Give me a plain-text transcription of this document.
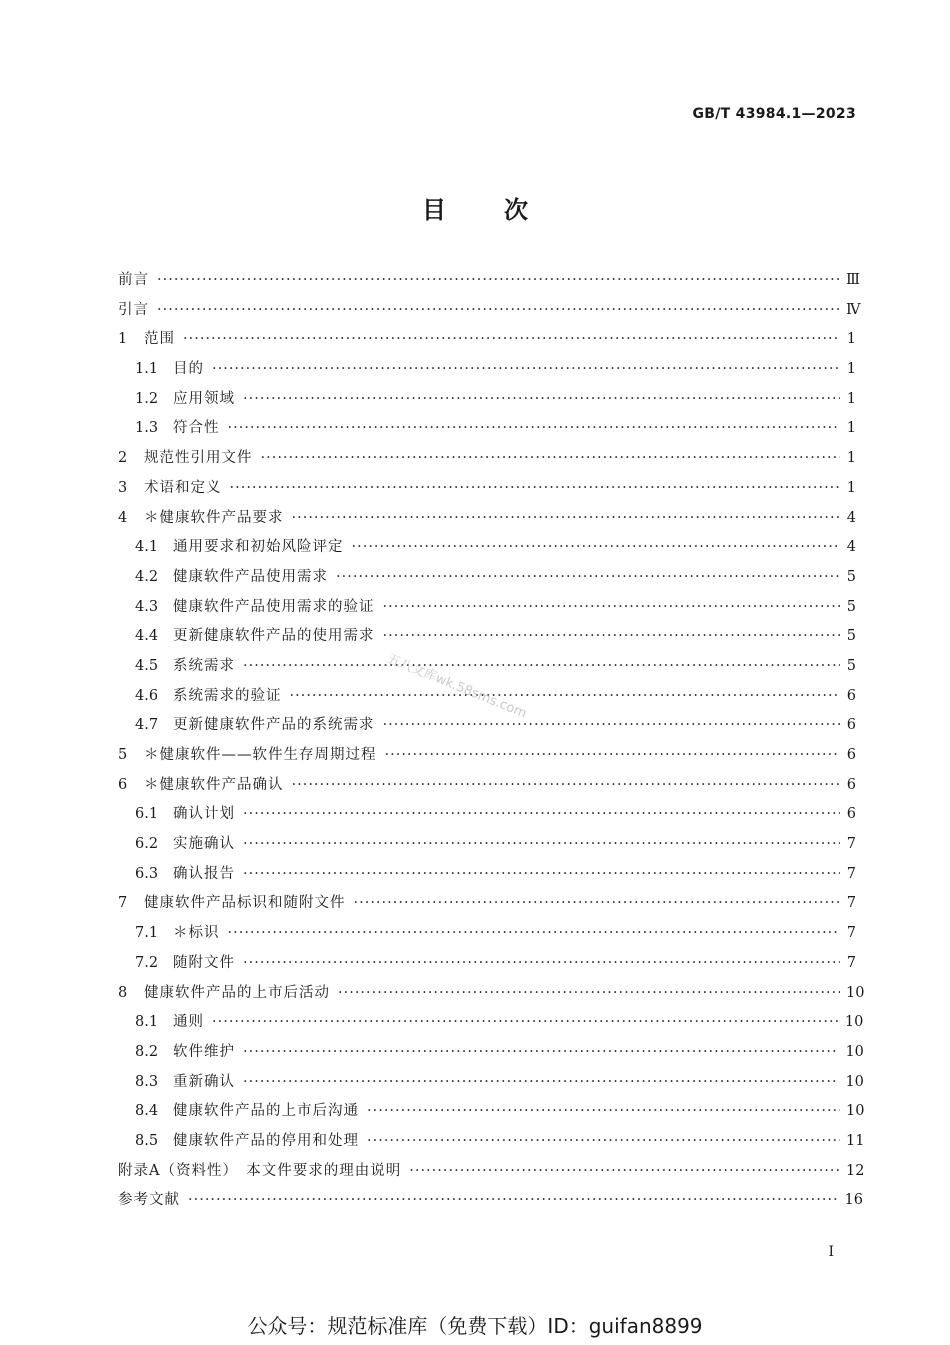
GB/T 43984.1—2023
目次
前言 ·····	Ⅲ
引言 ·····	Ⅳ
1	范围 ·····	1
1.1	目的 ·····	1
1.2	应用领域 ·····	1
1.3	符合性 ·····	1
2	规范性引用文件 ·····	1
3	术语和定义 ·····	1
4	＊健康软件产品要求 ·····	4
4.1	通用要求和初始风险评定 ·····	4
4.2	健康软件产品使用需求 ·····	5
4.3	健康软件产品使用需求的验证 ·····	5
4.4	更新健康软件产品的使用需求 ·····	5
4.5	系统需求 ·····	5
4.6	系统需求的验证 ·····	6
4.7	更新健康软件产品的系统需求 ·····	6
5	＊健康软件——软件生存周期过程 ·····	6
6	＊健康软件产品确认 ·····	6
6.1	确认计划 ·····	6
6.2	实施确认 ·····	7
6.3	确认报告 ·····	7
7	健康软件产品标识和随附文件 ·····	7
7.1	＊标识 ·····	7
7.2	随附文件 ·····	7
8	健康软件产品的上市后活动 ·····	10
8.1	通则 ·····	10
8.2	软件维护 ·····	10
8.3	重新确认 ·····	10
8.4	健康软件产品的上市后沟通 ·····	10
8.5	健康软件产品的停用和处理 ·····	11
附录A（资料性）　本文件要求的理由说明 ·····	12
参考文献 ·····	16
五八文库wk.58sms.com
Ⅰ
公众号：规范标准库（免费下载）ID：guifan8899
